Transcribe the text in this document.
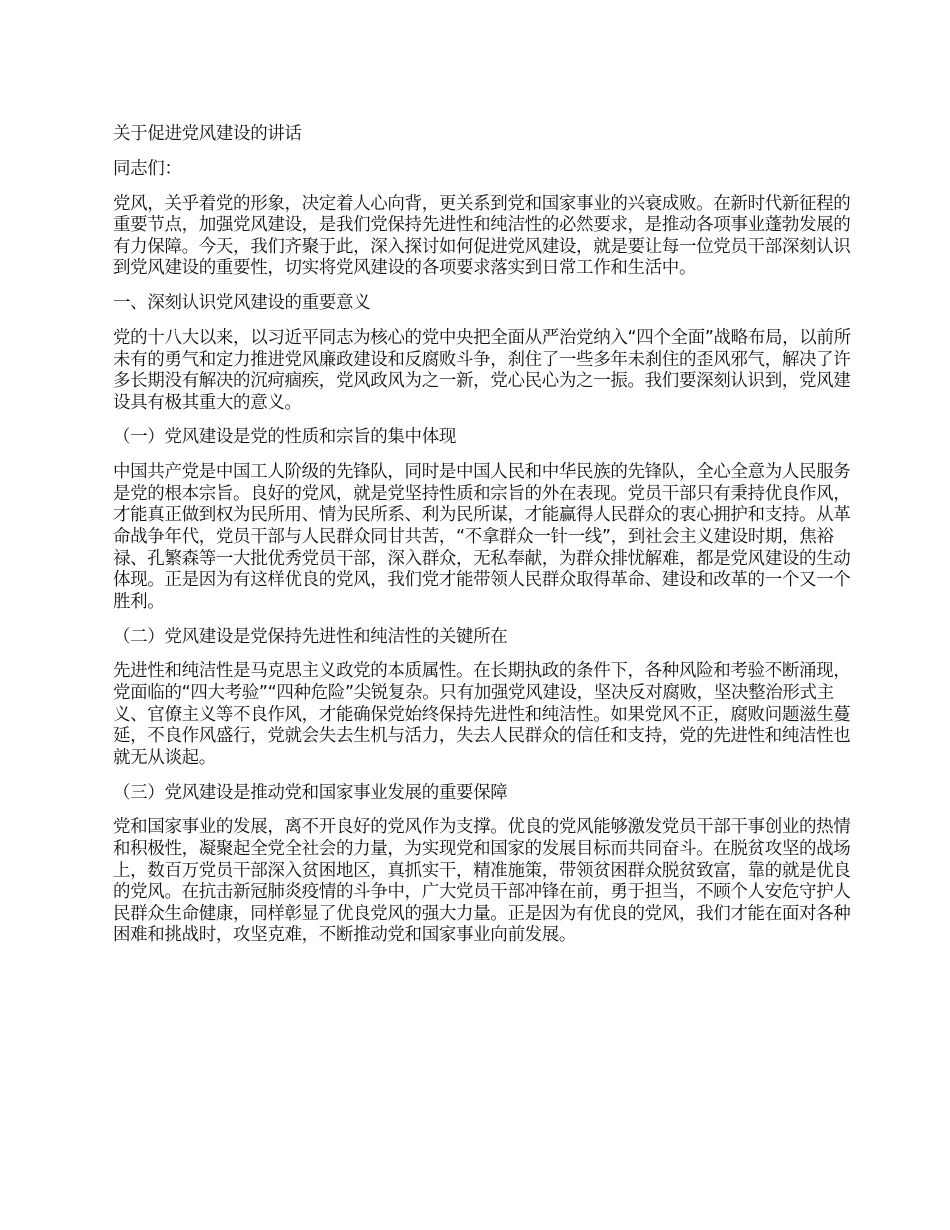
关于促进党风建设的讲话

同志们：

党风，关乎着党的形象，决定着人心向背，更关系到党和国家事业的兴衰成败。在新时代新征程的重要节点，加强党风建设，是我们党保持先进性和纯洁性的必然要求，是推动各项事业蓬勃发展的有力保障。今天，我们齐聚于此，深入探讨如何促进党风建设，就是要让每一位党员干部深刻认识到党风建设的重要性，切实将党风建设的各项要求落实到日常工作和生活中。

一、深刻认识党风建设的重要意义

党的十八大以来，以习近平同志为核心的党中央把全面从严治党纳入“四个全面”战略布局，以前所未有的勇气和定力推进党风廉政建设和反腐败斗争，刹住了一些多年未刹住的歪风邪气，解决了许多长期没有解决的沉疴痼疾，党风政风为之一新，党心民心为之一振。我们要深刻认识到，党风建设具有极其重大的意义。

（一）党风建设是党的性质和宗旨的集中体现

中国共产党是中国工人阶级的先锋队，同时是中国人民和中华民族的先锋队，全心全意为人民服务是党的根本宗旨。良好的党风，就是党坚持性质和宗旨的外在表现。党员干部只有秉持优良作风，才能真正做到权为民所用、情为民所系、利为民所谋，才能赢得人民群众的衷心拥护和支持。从革命战争年代，党员干部与人民群众同甘共苦，“不拿群众一针一线”，到社会主义建设时期，焦裕禄、孔繁森等一大批优秀党员干部，深入群众，无私奉献，为群众排忧解难，都是党风建设的生动体现。正是因为有这样优良的党风，我们党才能带领人民群众取得革命、建设和改革的一个又一个胜利。

（二）党风建设是党保持先进性和纯洁性的关键所在

先进性和纯洁性是马克思主义政党的本质属性。在长期执政的条件下，各种风险和考验不断涌现，党面临的“四大考验”“四种危险”尖锐复杂。只有加强党风建设，坚决反对腐败，坚决整治形式主义、官僚主义等不良作风，才能确保党始终保持先进性和纯洁性。如果党风不正，腐败问题滋生蔓延，不良作风盛行，党就会失去生机与活力，失去人民群众的信任和支持，党的先进性和纯洁性也就无从谈起。

（三）党风建设是推动党和国家事业发展的重要保障

党和国家事业的发展，离不开良好的党风作为支撑。优良的党风能够激发党员干部干事创业的热情和积极性，凝聚起全党全社会的力量，为实现党和国家的发展目标而共同奋斗。在脱贫攻坚的战场上，数百万党员干部深入贫困地区，真抓实干，精准施策，带领贫困群众脱贫致富，靠的就是优良的党风。在抗击新冠肺炎疫情的斗争中，广大党员干部冲锋在前，勇于担当，不顾个人安危守护人民群众生命健康，同样彰显了优良党风的强大力量。正是因为有优良的党风，我们才能在面对各种困难和挑战时，攻坚克难，不断推动党和国家事业向前发展。
